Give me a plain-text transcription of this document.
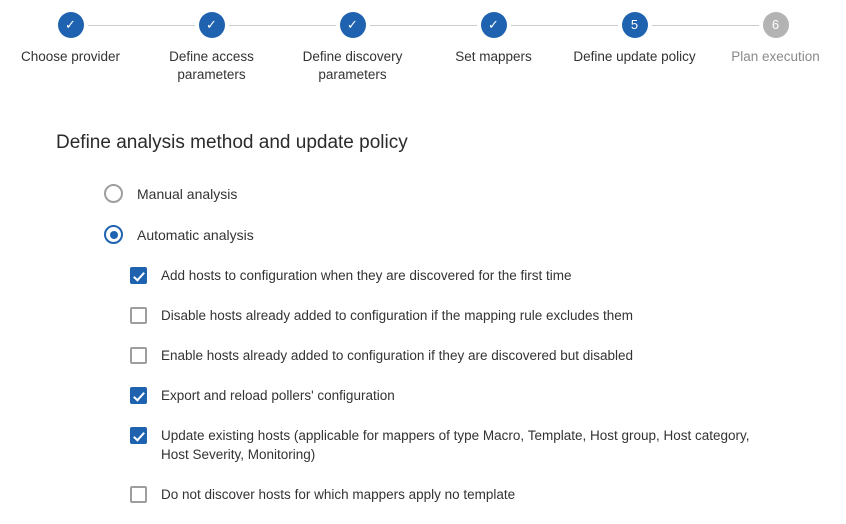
✓
Choose provider
✓
Define access parameters
✓
Define discovery parameters
✓
Set mappers
5
Define update policy
6
Plan execution
Define analysis method and update policy
Manual analysis
Automatic analysis
Add hosts to configuration when they are discovered for the first time
Disable hosts already added to configuration if the mapping rule excludes them
Enable hosts already added to configuration if they are discovered but disabled
Export and reload pollers' configuration
Update existing hosts (applicable for mappers of type Macro, Template, Host group, Host category, Host Severity, Monitoring)
Do not discover hosts for which mappers apply no template
